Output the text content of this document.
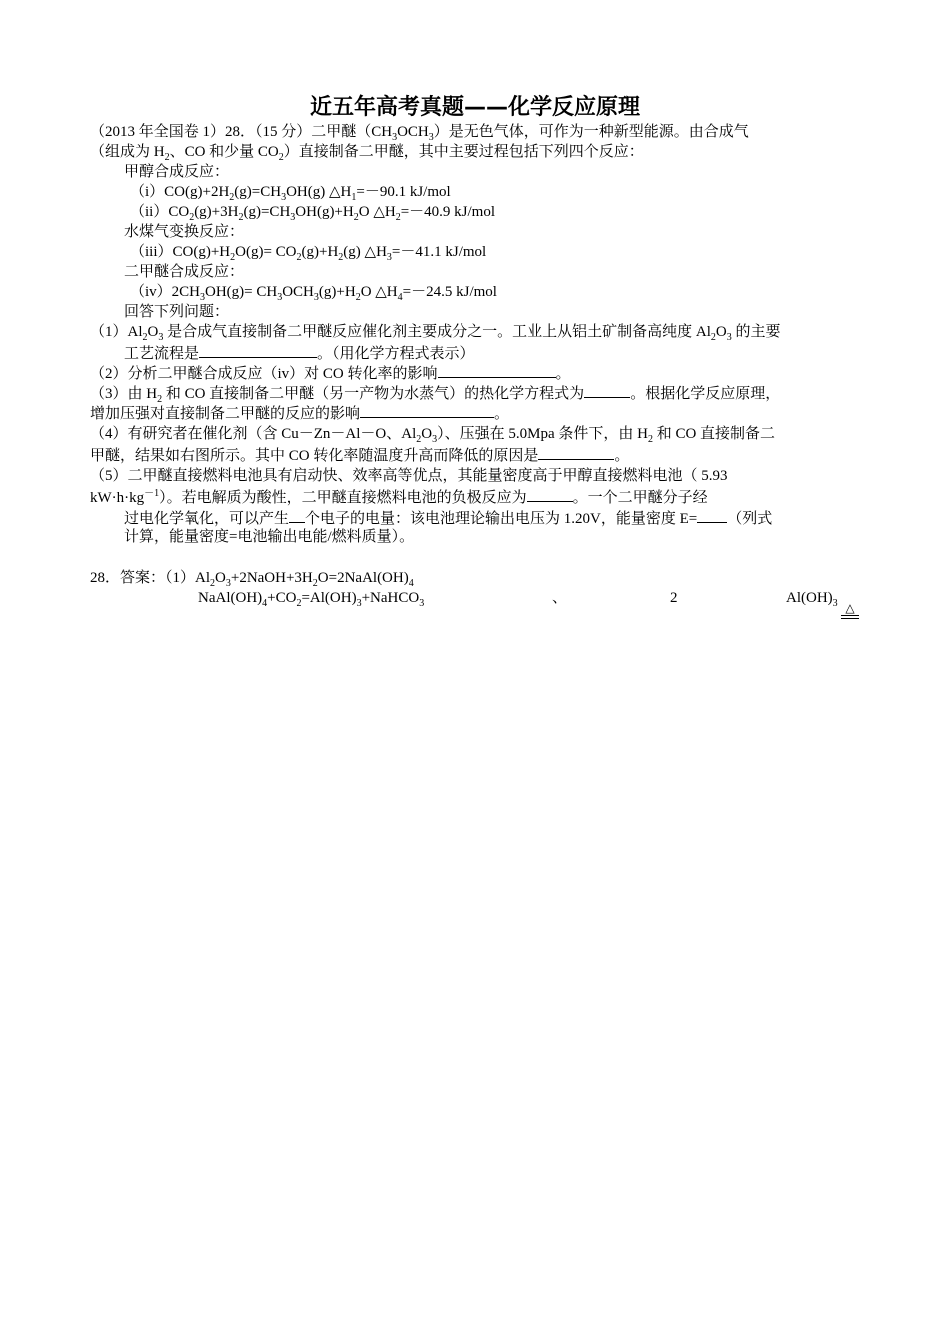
近五年高考真题——化学反应原理
（2013 年全国卷 1）28．（15 分）二甲醚$(CH_3OCH_3)$是无色气体，可作为一种新型能源。由合成气
（组成为 $H_2$、CO 和少量 $CO_2$）直接制备二甲醚，其中主要过程包括下列四个反应：
甲醇合成反应：
$(i)CO(g)+2H_2(g)=CH_3OH(g)$ $\triangle H_1=-90.1$ kJ/mol
$(ii)CO_2(g)+3H_2(g)=CH_3OH(g)+H_2O$ $\triangle H_2=-40.9$ kJ/mol
水煤气变换反应：
$(iii)CO(g)+H_2O(g)= CO_2(g)+H_2(g)$ $\triangle H_3=-41.1$ kJ/mol
二甲醚合成反应：
$(iv)2CH_3OH(g)= CH_3OCH_3(g)+H_2O$ $\triangle H_4=-24.5$ kJ/mol
回答下列问题：
$(1)Al_2O_3$ 是合成气直接制备二甲醚反应催化剂主要成分之一。工业上从铝土矿制备高纯度 $Al_2O_3$ 的主要
工艺流程是	。（用化学方程式表示）
（2）分析二甲醚合成反应（iv）对 CO 转化率的影响	。
（3）由 $H_2$ 和 CO 直接制备二甲醚（另一产物为水蒸气）的热化学方程式为	。根据化学反应原理，
增加压强对直接制备二甲醚的反应的影响	。
（4）有研究者在催化剂（含 Cu－Zn－Al－O、$Al_2O_3$）、压强在 5.0Mpa 条件下，由 $H_2$ 和 CO 直接制备二
甲醚，结果如右图所示。其中 CO 转化率随温度升高而降低的原因是	。
（5）二甲醚直接燃料电池具有启动快、效率高等优点，其能量密度高于甲醇直接燃料电池（ 5.93
$kW\cdot h\cdot kg^{-1}$）。若电解质为酸性，二甲醚直接燃料电池的负极反应为	。一个二甲醚分子经
过电化学氧化，可以产生 个电子的电量：该电池理论输出电压为 1.20V，能量密度 E= （列式
计算，能量密度=电池输出电能/燃料质量）。
28．答案：$(1)Al_2O_3+2NaOH+3H_2O=2NaAl(OH)_4$
$NaAl(OH)_4+CO_2=Al(OH)_3+NaHCO_3$	、	2	$Al(OH)_3$ △
